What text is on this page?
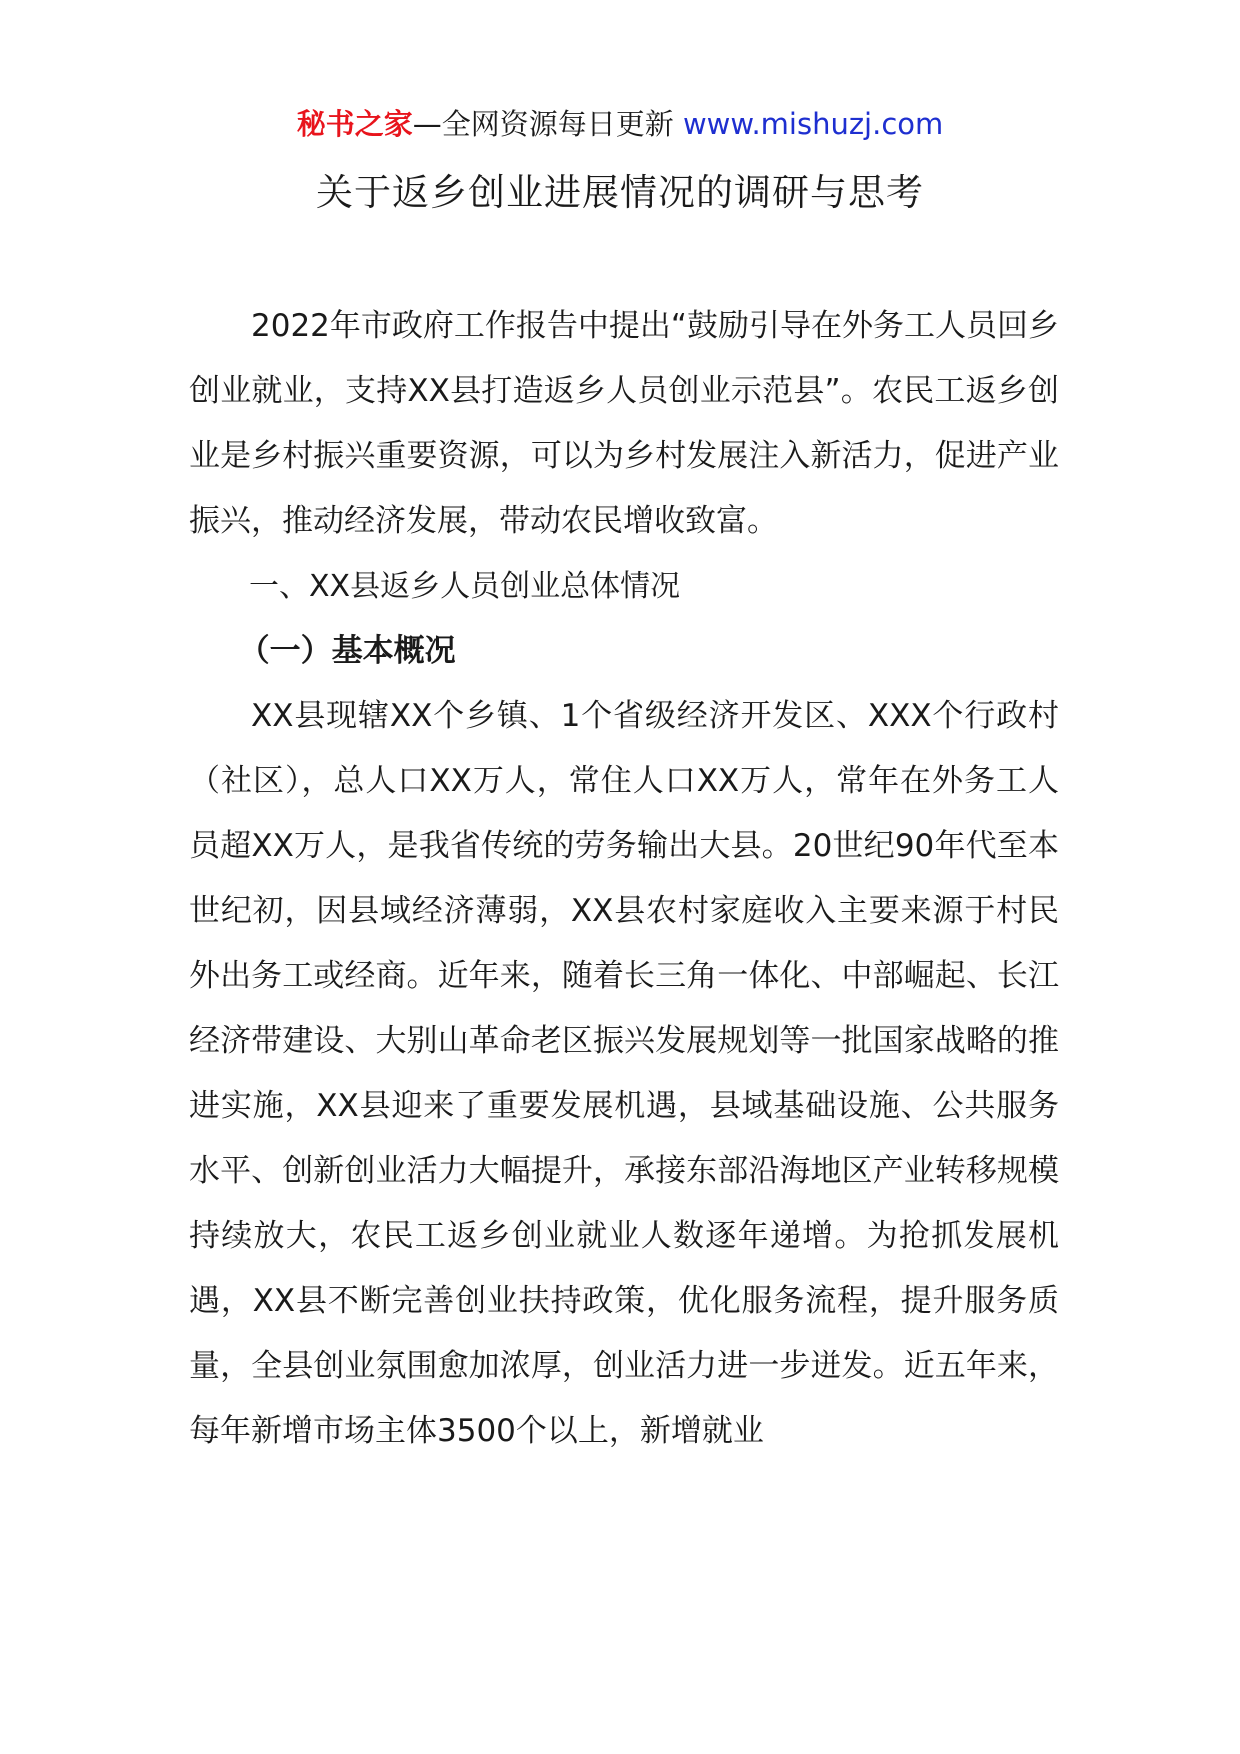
秘书之家—全网资源每日更新 www.mishuzj.com
关于返乡创业进展情况的调研与思考

2022年市政府工作报告中提出“鼓励引导在外务工人员回乡创业就业，支持XX县打造返乡人员创业示范县”。农民工返乡创业是乡村振兴重要资源，可以为乡村发展注入新活力，促进产业振兴，推动经济发展，带动农民增收致富。

一、XX县返乡人员创业总体情况

（一）基本概况

XX县现辖XX个乡镇、1个省级经济开发区、XXX个行政村（社区），总人口XX万人，常住人口XX万人，常年在外务工人员超XX万人，是我省传统的劳务输出大县。20世纪90年代至本世纪初，因县域经济薄弱，XX县农村家庭收入主要来源于村民外出务工或经商。近年来，随着长三角一体化、中部崛起、长江经济带建设、大别山革命老区振兴发展规划等一批国家战略的推进实施，XX县迎来了重要发展机遇，县域基础设施、公共服务水平、创新创业活力大幅提升，承接东部沿海地区产业转移规模持续放大，农民工返乡创业就业人数逐年递增。为抢抓发展机遇，XX县不断完善创业扶持政策，优化服务流程，提升服务质量，全县创业氛围愈加浓厚，创业活力进一步迸发。近五年来，每年新增市场主体3500个以上，新增就业
